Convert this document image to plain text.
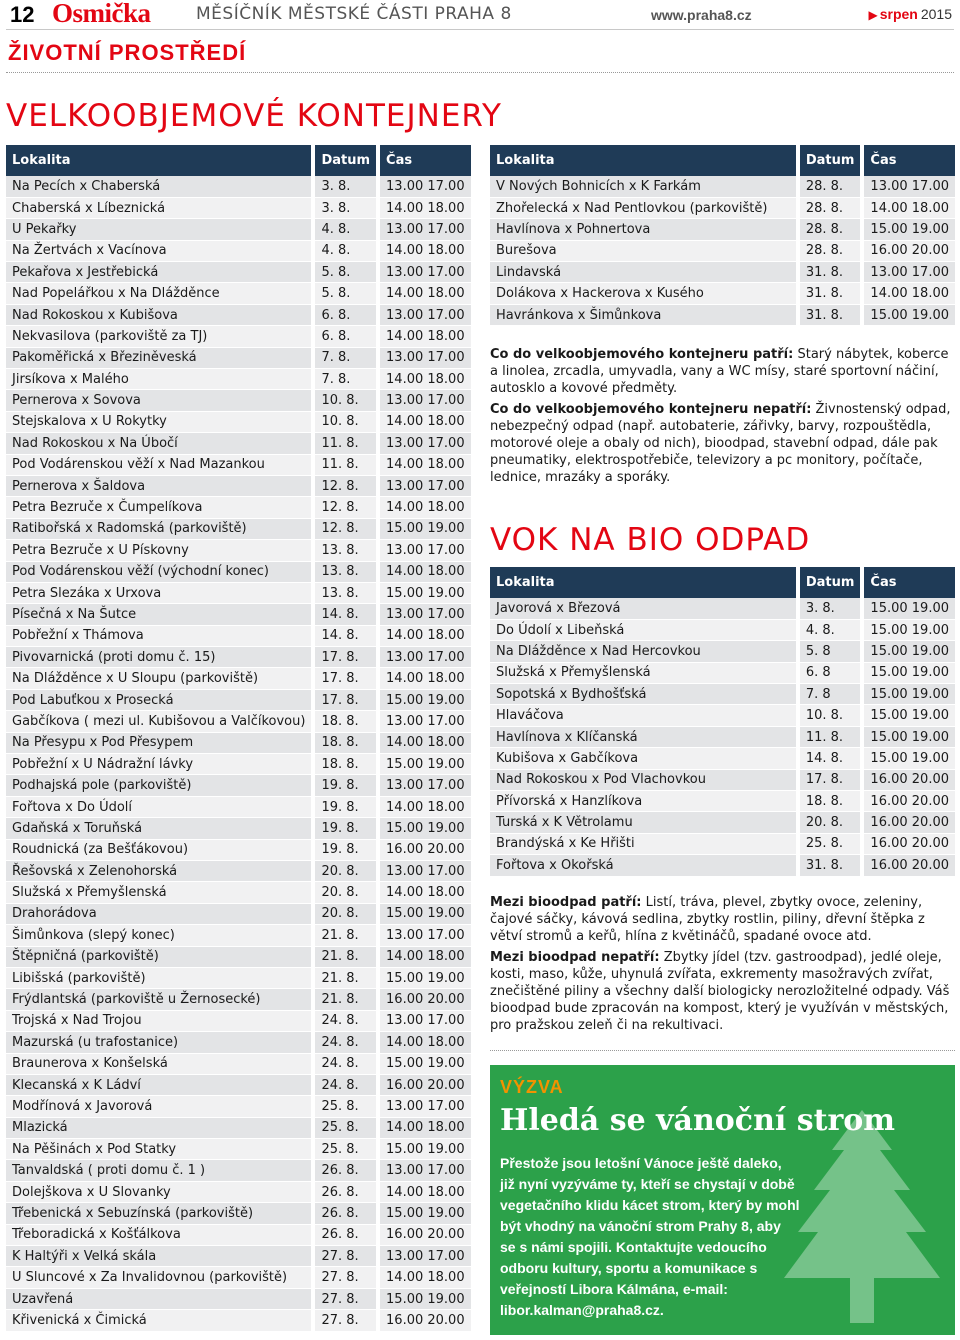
12 Osmička	MĚSÍČNÍK MĚSTSKÉ ČÁSTI PRAHA 8	www.praha8.cz	▶ srpen 2015
ŽIVOTNÍ PROSTŘEDÍ
VELKOOBJEMOVÉ KONTEJNERY
Lokalita	Datum	Čas
Na Pecích x Chaberská	3. 8.	13.00 17.00
Chaberská x Líbeznická	3. 8.	14.00 18.00
U Pekařky	4. 8.	13.00 17.00
Na Žertvách x Vacínova	4. 8.	14.00 18.00
Pekařova x Jestřebická	5. 8.	13.00 17.00
Nad Popelářkou x Na Dlážděnce	5. 8.	14.00 18.00
Nad Rokoskou x Kubišova	6. 8.	13.00 17.00
Nekvasilova (parkoviště za TJ)	6. 8.	14.00 18.00
Pakoměřická x Březiněveská	7. 8.	13.00 17.00
Jirsíkova x Malého	7. 8.	14.00 18.00
Pernerova x Sovova	10. 8.	13.00 17.00
Stejskalova x U Rokytky	10. 8.	14.00 18.00
Nad Rokoskou x Na Úbočí	11. 8.	13.00 17.00
Pod Vodárenskou věží x Nad Mazankou	11. 8.	14.00 18.00
Pernerova x Šaldova	12. 8.	13.00 17.00
Petra Bezruče x Čumpelíkova	12. 8.	14.00 18.00
Ratibořská x Radomská (parkoviště)	12. 8.	15.00 19.00
Petra Bezruče x U Pískovny	13. 8.	13.00 17.00
Pod Vodárenskou věží (východní konec)	13. 8.	14.00 18.00
Petra Slezáka x Urxova	13. 8.	15.00 19.00
Písečná x Na Šutce	14. 8.	13.00 17.00
Pobřežní x Thámova	14. 8.	14.00 18.00
Pivovarnická (proti domu č. 15)	17. 8.	13.00 17.00
Na Dlážděnce x U Sloupu (parkoviště)	17. 8.	14.00 18.00
Pod Labuťkou x Prosecká	17. 8.	15.00 19.00
Gabčíkova ( mezi ul. Kubišovou a Valčíkovou)	18. 8.	13.00 17.00
Na Přesypu x Pod Přesypem	18. 8.	14.00 18.00
Pobřežní x U Nádražní lávky	18. 8.	15.00 19.00
Podhajská pole (parkoviště)	19. 8.	13.00 17.00
Fořtova x Do Údolí	19. 8.	14.00 18.00
Gdaňská x Toruňská	19. 8.	15.00 19.00
Roudnická (za Bešťákovou)	19. 8.	16.00 20.00
Řešovská x Zelenohorská	20. 8.	13.00 17.00
Služská x Přemyšlenská	20. 8.	14.00 18.00
Drahorádova	20. 8.	15.00 19.00
Šimůnkova (slepý konec)	21. 8.	13.00 17.00
Štěpničná (parkoviště)	21. 8.	14.00 18.00
Libišská (parkoviště)	21. 8.	15.00 19.00
Frýdlantská (parkoviště u Žernosecké)	21. 8.	16.00 20.00
Trojská x Nad Trojou	24. 8.	13.00 17.00
Mazurská (u trafostanice)	24. 8.	14.00 18.00
Braunerova x Konšelská	24. 8.	15.00 19.00
Klecanská x K Ládví	24. 8.	16.00 20.00
Modřínová x Javorová	25. 8.	13.00 17.00
Mlazická	25. 8.	14.00 18.00
Na Pěšinách x Pod Statky	25. 8.	15.00 19.00
Tanvaldská ( proti domu č. 1 )	26. 8.	13.00 17.00
Dolejškova x U Slovanky	26. 8.	14.00 18.00
Třebenická x Sebuzínská (parkoviště)	26. 8.	15.00 19.00
Třeboradická x Košťálkova	26. 8.	16.00 20.00
K Haltýři x Velká skála	27. 8.	13.00 17.00
U Sluncové x Za Invalidovnou (parkoviště)	27. 8.	14.00 18.00
Uzavřená	27. 8.	15.00 19.00
Křivenická x Čimická	27. 8.	16.00 20.00
Lokalita	Datum	Čas
V Nových Bohnicích x K Farkám	28. 8.	13.00 17.00
Zhořelecká x Nad Pentlovkou (parkoviště)	28. 8.	14.00 18.00
Havlínova x Pohnertova	28. 8.	15.00 19.00
Burešova	28. 8.	16.00 20.00
Lindavská	31. 8.	13.00 17.00
Dolákova x Hackerova x Kusého	31. 8.	14.00 18.00
Havránkova x Šimůnkova	31. 8.	15.00 19.00

Co do velkoobjemového kontejneru patří: Starý nábytek, koberce a linolea, zrcadla, umyvadla, vany a WC mísy, staré sportovní náčiní, autosklo a kovové předměty.

Co do velkoobjemového kontejneru nepatří: Živnostenský odpad, nebezpečný odpad (např. autobaterie, zářivky, barvy, rozpouštědla, motorové oleje a obaly od nich), bioodpad, stavební odpad, dále pak pneumatiky, elektrospotřebiče, televizory a pc monitory, počítače, lednice, mrazáky a sporáky.

VOK NA BIO ODPAD
Lokalita	Datum	Čas
Javorová x Březová	3. 8.	15.00 19.00
Do Údolí x Libeňská	4. 8.	15.00 19.00
Na Dlážděnce x Nad Hercovkou	5. 8	15.00 19.00
Služská x Přemyšlenská	6. 8	15.00 19.00
Sopotská x Bydhošťská	7. 8	15.00 19.00
Hlaváčova	10. 8.	15.00 19.00
Havlínova x Klíčanská	11. 8.	15.00 19.00
Kubišova x Gabčíkova	14. 8.	15.00 19.00
Nad Rokoskou x Pod Vlachovkou	17. 8.	16.00 20.00
Přívorská x Hanzlíkova	18. 8.	16.00 20.00
Turská x K Větrolamu	20. 8.	16.00 20.00
Brandýská x Ke Hřišti	25. 8.	16.00 20.00
Fořtova x Okořská	31. 8.	16.00 20.00

Mezi bioodpad patří: Listí, tráva, plevel, zbytky ovoce, zeleniny, čajové sáčky, kávová sedlina, zbytky rostlin, piliny, dřevní štěpka z větví stromů a keřů, hlína z květináčů, spadané ovoce atd.

Mezi bioodpad nepatří: Zbytky jídel (tzv. gastroodpad), jedlé oleje, kosti, maso, kůže, uhynulá zvířata, exkrementy masožravých zvířat, znečištěné piliny a všechny další biologicky nerozložitelné odpady. Váš bioodpad bude zpracován na kompost, který je využíván v městských, pro pražskou zeleň či na rekultivaci.

VÝZVA
Hledá se vánoční strom
Přestože jsou letošní Vánoce ještě daleko, již nyní vyzýváme ty, kteří se chystají v době vegetačního klidu kácet strom, který by mohl být vhodný na vánoční strom Prahy 8, aby se s námi spojili. Kontaktujte vedoucího odboru kultury, sportu a komunikace s veřejností Libora Kálmána, e-mail: libor.kalman@praha8.cz.
